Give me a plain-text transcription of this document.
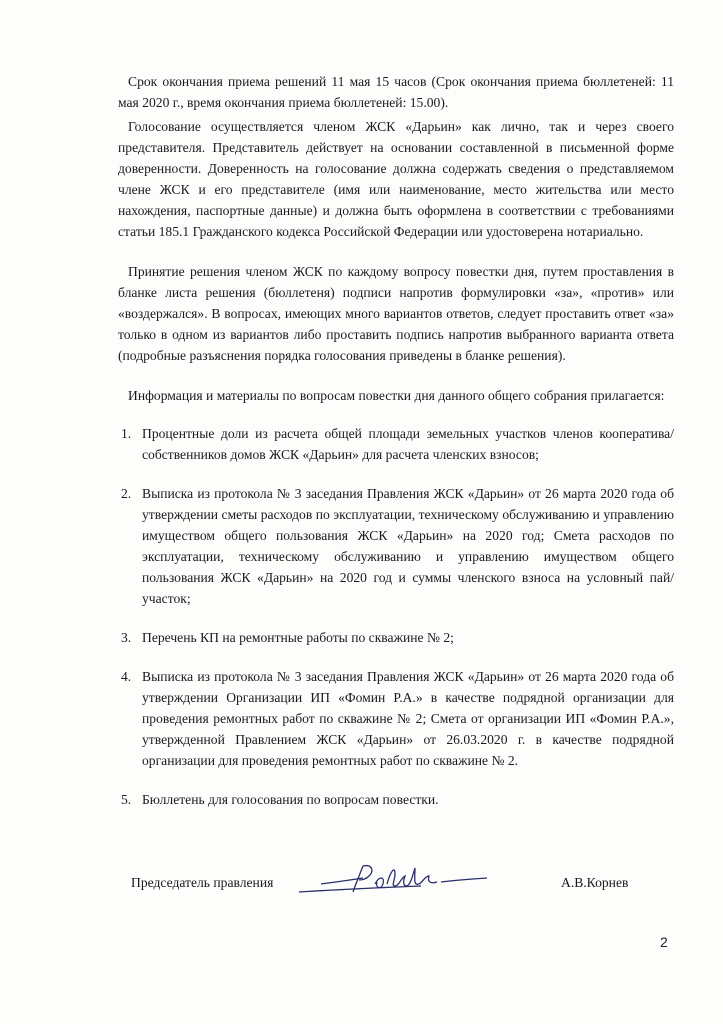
Срок окончания приема решений 11 мая 15 часов (Срок окончания приема бюллетеней: 11 мая 2020 г., время окончания приема бюллетеней: 15.00).

Голосование осуществляется членом ЖСК «Дарьин» как лично, так и через своего представителя. Представитель действует на основании составленной в письменной форме доверенности. Доверенность на голосование должна содержать сведения о представляемом члене ЖСК и его представителе (имя или наименование, место жительства или место нахождения, паспортные данные) и должна быть оформлена в соответствии с требованиями статьи 185.1 Гражданского кодекса Российской Федерации или удостоверена нотариально.

Принятие решения членом ЖСК по каждому вопросу повестки дня, путем проставления в бланке листа решения (бюллетеня) подписи напротив формулировки «за», «против» или «воздержался». В вопросах, имеющих много вариантов ответов, следует проставить ответ «за» только в одном из вариантов либо проставить подпись напротив выбранного варианта ответа (подробные разъяснения порядка голосования приведены в бланке решения).

Информация и материалы по вопросам повестки дня данного общего собрания прилагается:

1. Процентные доли из расчета общей площади земельных участков членов кооператива/собственников домов ЖСК «Дарьин» для расчета членских взносов;
2. Выписка из протокола № 3 заседания Правления ЖСК «Дарьин» от 26 марта 2020 года об утверждении сметы расходов по эксплуатации, техническому обслуживанию и управлению имуществом общего пользования ЖСК «Дарьин» на 2020 год; Смета расходов по эксплуатации, техническому обслуживанию и управлению имуществом общего пользования ЖСК «Дарьин» на 2020 год и суммы членского взноса на условный пай/участок;
3. Перечень КП на ремонтные работы по скважине № 2;
4. Выписка из протокола № 3 заседания Правления ЖСК «Дарьин» от 26 марта 2020 года об утверждении Организации ИП «Фомин Р.А.» в качестве подрядной организации для проведения ремонтных работ по скважине № 2; Смета от организации ИП «Фомин Р.А.», утвержденной Правлением ЖСК «Дарьин» от 26.03.2020 г. в качестве подрядной организации для проведения ремонтных работ по скважине № 2.
5. Бюллетень для голосования по вопросам повестки.
Председатель правления	А.В.Корнев
2
